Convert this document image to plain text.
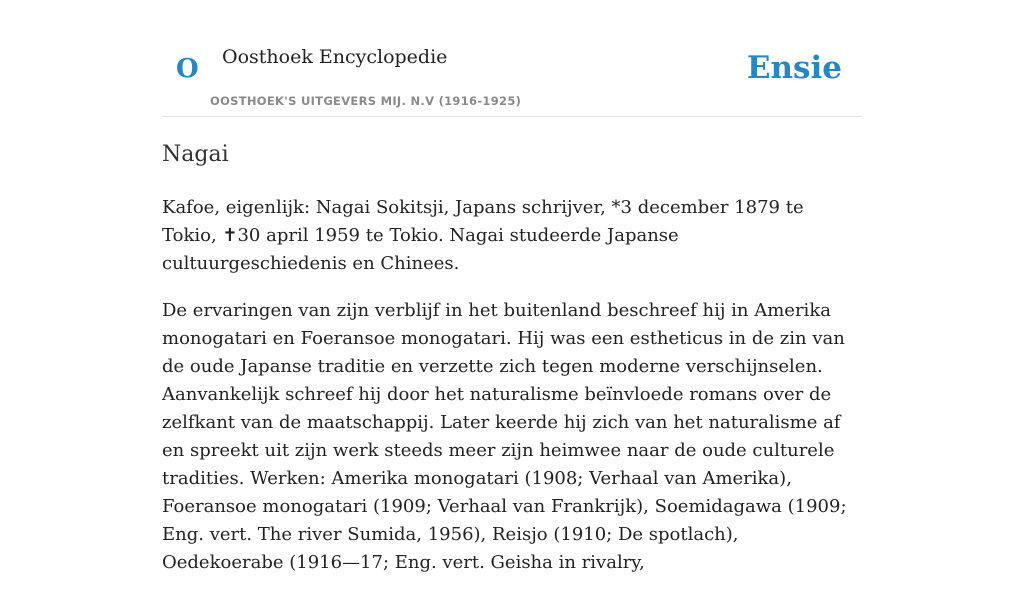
O Oosthoek Encyclopedie
OOSTHOEK'S UITGEVERS MIJ. N.V (1916-1925)
Ensie
Nagai

Kafoe, eigenlijk: Nagai Sokitsji, Japans schrijver, *3 december 1879 te Tokio, ✝30 april 1959 te Tokio. Nagai studeerde Japanse cultuurgeschiedenis en Chinees.

De ervaringen van zijn verblijf in het buitenland beschreef hij in Amerika monogatari en Foeransoe monogatari. Hij was een estheticus in de zin van de oude Japanse traditie en verzette zich tegen moderne verschijnselen. Aanvankelijk schreef hij door het naturalisme beïnvloede romans over de zelfkant van de maatschappij. Later keerde hij zich van het naturalisme af en spreekt uit zijn werk steeds meer zijn heimwee naar de oude culturele tradities. Werken: Amerika monogatari (1908; Verhaal van Amerika), Foeransoe monogatari (1909; Verhaal van Frankrijk), Soemidagawa (1909; Eng. vert. The river Sumida, 1956), Reisjo (1910; De spotlach), Oedekoerabe (1916—17; Eng. vert. Geisha in rivalry,
